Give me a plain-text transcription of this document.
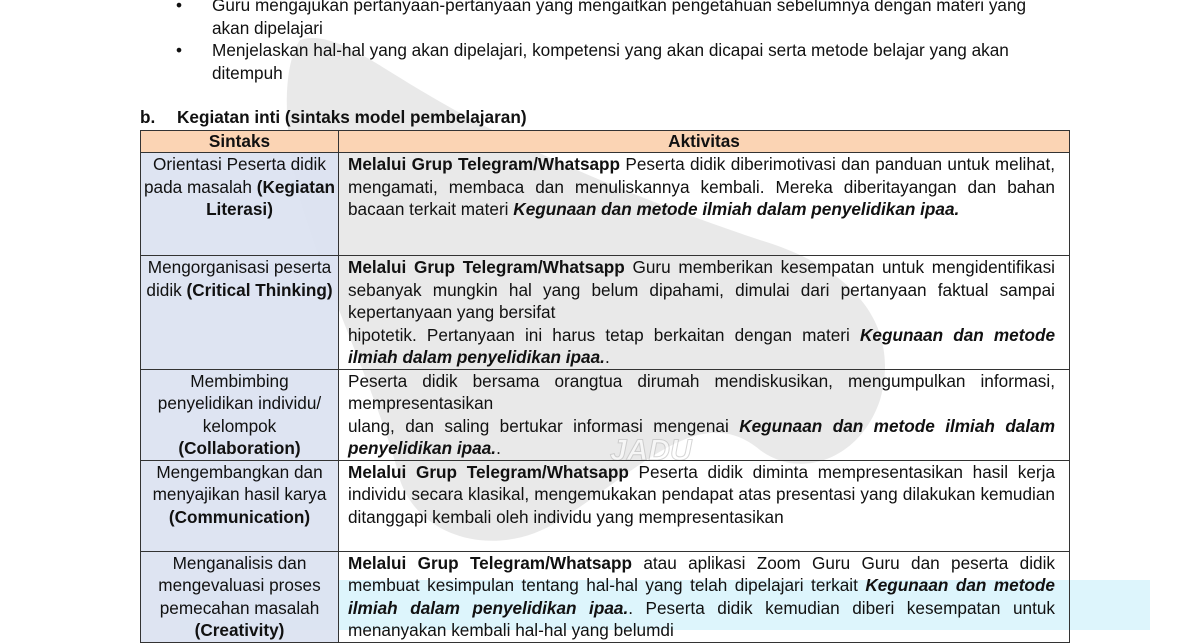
JADU
• Guru mengajukan pertanyaan-pertanyaan yang mengaitkan pengetahuan sebelumnya dengan materi yang akan dipelajari
• Menjelaskan hal-hal yang akan dipelajari, kompetensi yang akan dicapai serta metode belajar yang akan ditempuh
b. Kegiatan inti (sintaks model pembelajaran)
Sintaks	Aktivitas
Orientasi Peserta didik pada masalah (Kegiatan Literasi)	Melalui Grup Telegram/Whatsapp Peserta didik diberimotivasi dan panduan untuk melihat, mengamati, membaca dan menuliskannya kembali. Mereka diberitayangan dan bahan bacaan terkait materi Kegunaan dan metode ilmiah dalam penyelidikan ipaa.
Mengorganisasi peserta didik (Critical Thinking)	Melalui Grup Telegram/Whatsapp Guru memberikan kesempatan untuk mengidentifikasi sebanyak mungkin hal yang belum dipahami, dimulai dari pertanyaan faktual sampai kepertanyaan yang bersifat
hipotetik. Pertanyaan ini harus tetap berkaitan dengan materi Kegunaan dan metode ilmiah dalam penyelidikan ipaa..
Membimbing penyelidikan individu/ kelompok (Collaboration)	Peserta didik bersama orangtua dirumah mendiskusikan, mengumpulkan informasi, mempresentasikan
ulang, dan saling bertukar informasi mengenai Kegunaan dan metode ilmiah dalam penyelidikan ipaa..
Mengembangkan dan menyajikan hasil karya (Communication)	Melalui Grup Telegram/Whatsapp Peserta didik diminta mempresentasikan hasil kerja individu secara klasikal, mengemukakan pendapat atas presentasi yang dilakukan kemudian ditanggapi kembali oleh individu yang mempresentasikan
Menganalisis dan mengevaluasi proses pemecahan masalah (Creativity)	Melalui Grup Telegram/Whatsapp atau aplikasi Zoom Guru Guru dan peserta didik membuat kesimpulan tentang hal-hal yang telah dipelajari terkait Kegunaan dan metode ilmiah dalam penyelidikan ipaa.. Peserta didik kemudian diberi kesempatan untuk menanyakan kembali hal-hal yang belumdi
